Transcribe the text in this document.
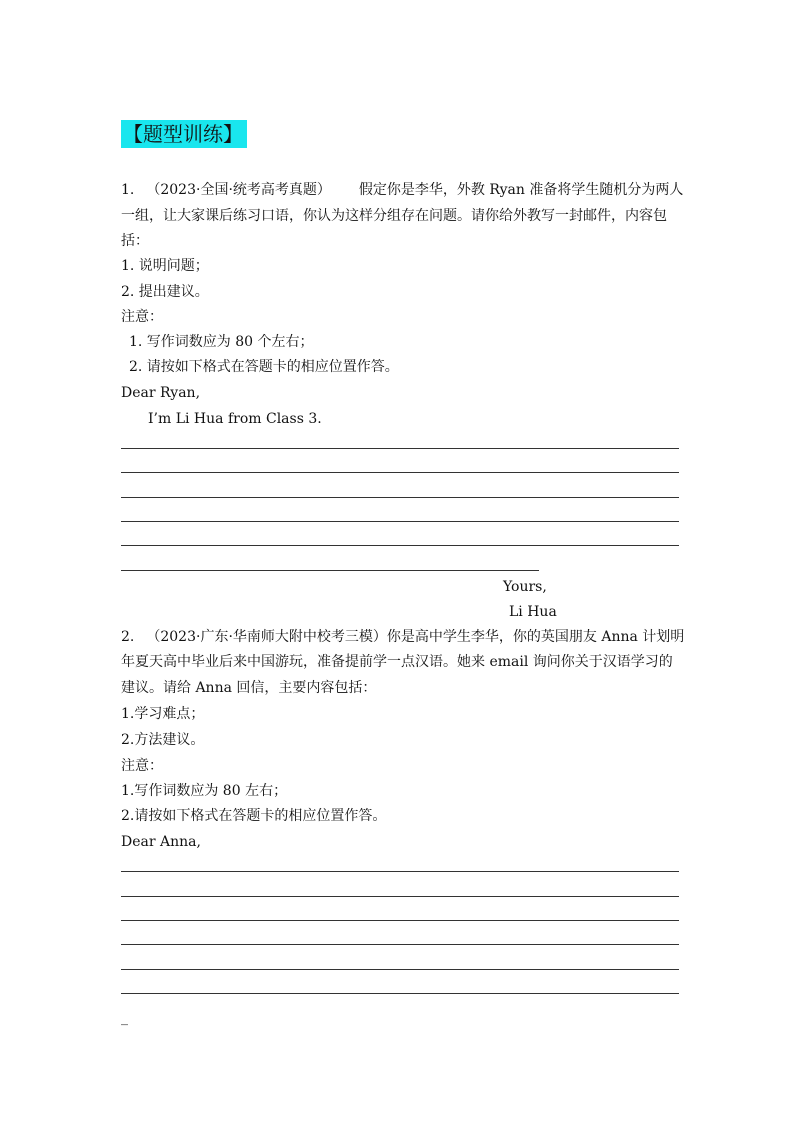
【题型训练】
1. （2023·全国·统考高考真题） 假定你是李华，外教 Ryan 准备将学生随机分为两人
一组，让大家课后练习口语，你认为这样分组存在问题。请你给外教写一封邮件，内容包
括：
1. 说明问题；
2. 提出建议。
注意：
1. 写作词数应为 80 个左右；
2. 请按如下格式在答题卡的相应位置作答。
Dear Ryan,
I’m Li Hua from Class 3.
Yours,
Li Hua
2. （2023·广东·华南师大附中校考三模）你是高中学生李华，你的英国朋友 Anna 计划明
年夏天高中毕业后来中国游玩，准备提前学一点汉语。她来 email 询问你关于汉语学习的
建议。请给 Anna 回信，主要内容包括：
1.学习难点；
2.方法建议。
注意：
1.写作词数应为 80 左右；
2.请按如下格式在答题卡的相应位置作答。
Dear Anna,
_
